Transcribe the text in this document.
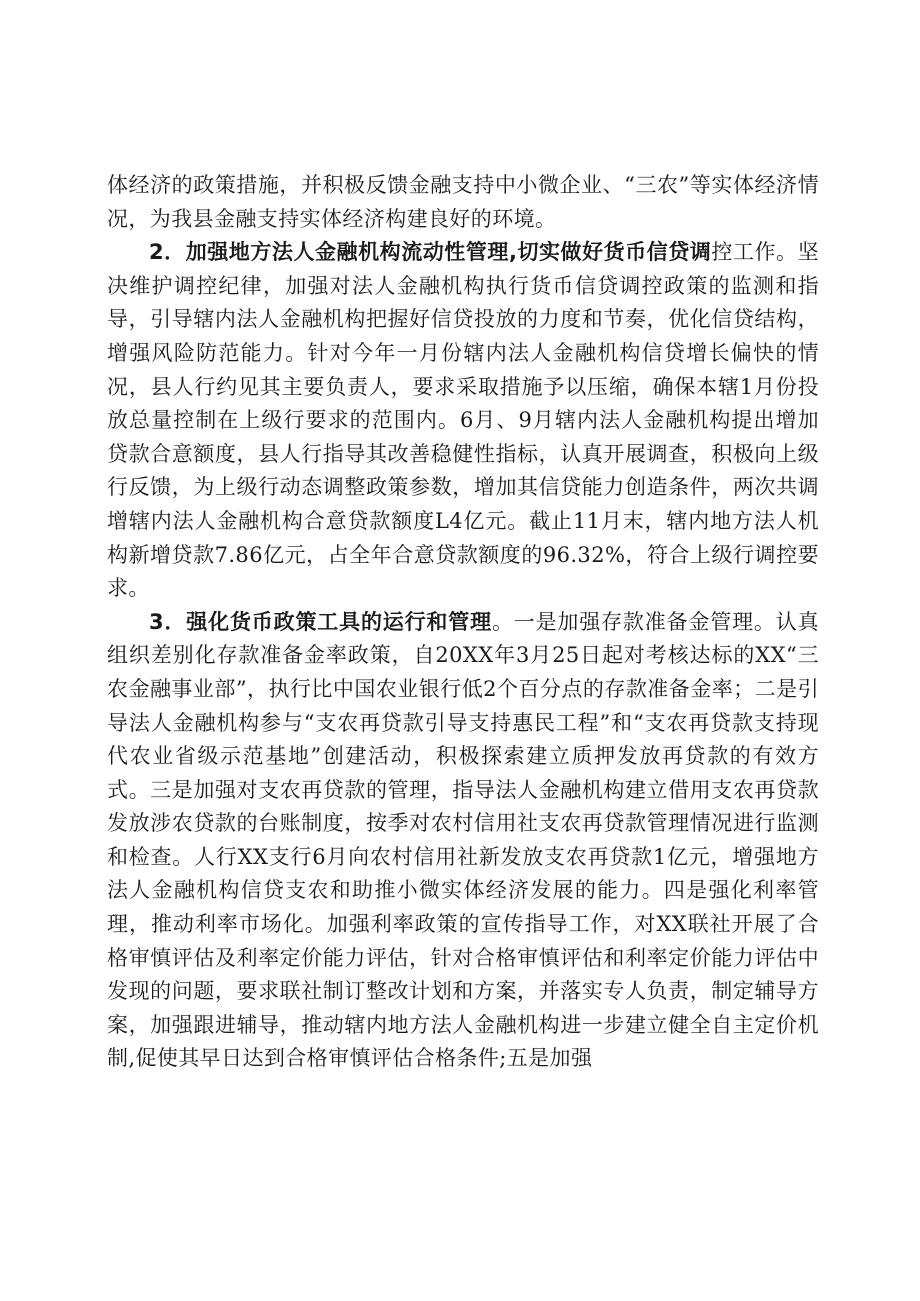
体经济的政策措施，并积极反馈金融支持中小微企业、“三农”等实体经济情况，为我县金融支持实体经济构建良好的环境。

2．加强地方法人金融机构流动性管理,切实做好货币信贷调控工作。坚决维护调控纪律，加强对法人金融机构执行货币信贷调控政策的监测和指导，引导辖内法人金融机构把握好信贷投放的力度和节奏，优化信贷结构，增强风险防范能力。针对今年一月份辖内法人金融机构信贷增长偏快的情况，县人行约见其主要负责人，要求采取措施予以压缩，确保本辖1月份投放总量控制在上级行要求的范围内。6月、9月辖内法人金融机构提出增加贷款合意额度，县人行指导其改善稳健性指标，认真开展调查，积极向上级行反馈，为上级行动态调整政策参数，增加其信贷能力创造条件，两次共调增辖内法人金融机构合意贷款额度L4亿元。截止11月末，辖内地方法人机构新增贷款7.86亿元，占全年合意贷款额度的96.32%，符合上级行调控要求。

3．强化货币政策工具的运行和管理。一是加强存款准备金管理。认真组织差别化存款准备金率政策，自20XX年3月25日起对考核达标的XX“三农金融事业部”，执行比中国农业银行低2个百分点的存款准备金率；二是引导法人金融机构参与“支农再贷款引导支持惠民工程”和“支农再贷款支持现代农业省级示范基地”创建活动，积极探索建立质押发放再贷款的有效方式。三是加强对支农再贷款的管理，指导法人金融机构建立借用支农再贷款发放涉农贷款的台账制度，按季对农村信用社支农再贷款管理情况进行监测和检查。人行XX支行6月向农村信用社新发放支农再贷款1亿元，增强地方法人金融机构信贷支农和助推小微实体经济发展的能力。四是强化利率管理，推动利率市场化。加强利率政策的宣传指导工作，对XX联社开展了合格审慎评估及利率定价能力评估，针对合格审慎评估和利率定价能力评估中发现的问题，要求联社制订整改计划和方案，并落实专人负责，制定辅导方案，加强跟进辅导，推动辖内地方法人金融机构进一步建立健全自主定价机制,促使其早日达到合格审慎评估合格条件;五是加强
